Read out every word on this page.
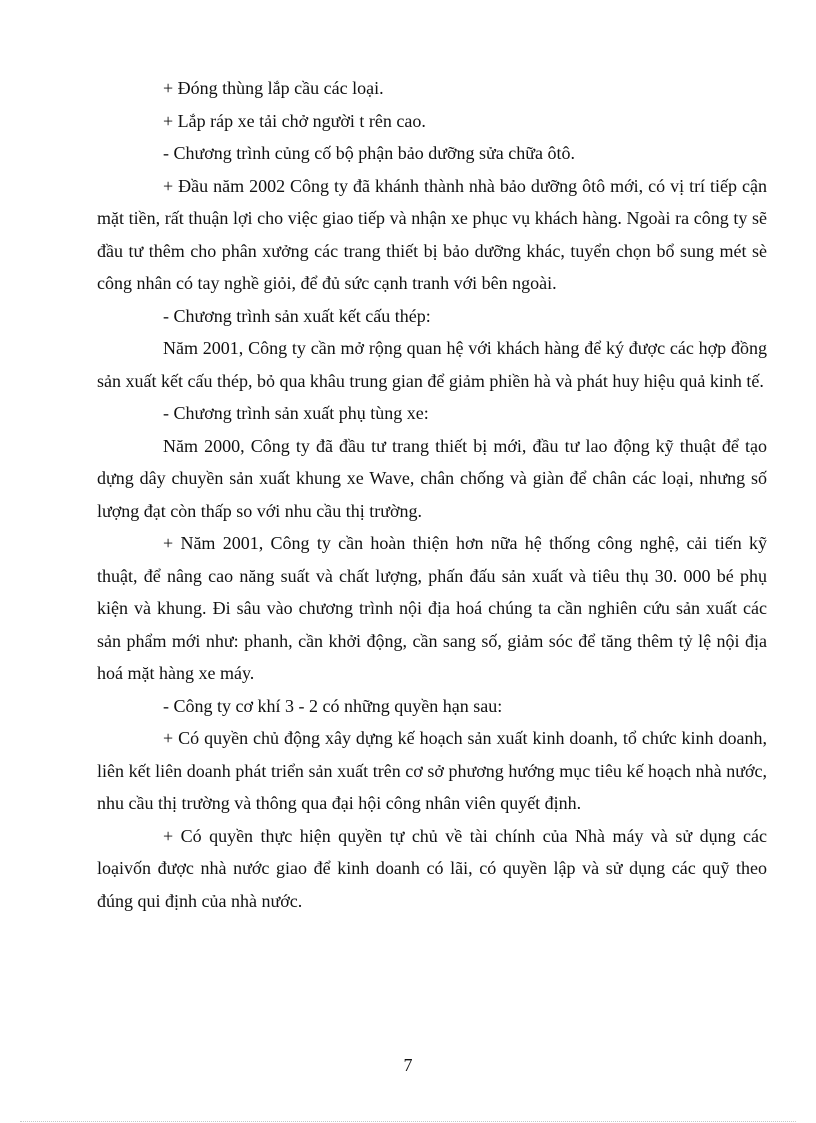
+ Đóng thùng lắp cầu các loại.

+ Lắp ráp xe tải chở người t rên cao.

- Chương trình củng cố bộ phận bảo dưỡng sửa chữa ôtô.

+ Đầu năm 2002 Công ty đã khánh thành nhà bảo dưỡng ôtô mới, có vị trí tiếp cận mặt tiền, rất thuận lợi cho việc giao tiếp và nhận xe phục vụ khách hàng. Ngoài ra công ty sẽ đầu tư thêm cho phân xưởng các trang thiết bị bảo dưỡng khác, tuyển chọn bổ sung mét sè công nhân có tay nghề giỏi, để đủ sức cạnh tranh với bên ngoài.

- Chương trình sản xuất kết cấu thép:

Năm 2001, Công ty cần mở rộng quan hệ với khách hàng để ký được các hợp đồng sản xuất kết cấu thép, bỏ qua khâu trung gian để giảm phiền hà và phát huy hiệu quả kinh tế.

- Chương trình sản xuất phụ tùng xe:

Năm 2000, Công ty đã đầu tư trang thiết bị mới, đầu tư lao động kỹ thuật để tạo dựng dây chuyền sản xuất khung xe Wave, chân chống và giàn để chân các loại, nhưng số lượng đạt còn thấp so với nhu cầu thị trường.

+ Năm 2001, Công ty cần hoàn thiện hơn nữa hệ thống công nghệ, cải tiến kỹ thuật, để nâng cao năng suất và chất lượng, phấn đấu sản xuất và tiêu thụ 30. 000 bé phụ kiện và khung. Đi sâu vào chương trình nội địa hoá chúng ta cần nghiên cứu sản xuất các sản phẩm mới như: phanh, cần khởi động, cần sang số, giảm sóc để tăng thêm tỷ lệ nội địa hoá mặt hàng xe máy.

- Công ty cơ khí 3 - 2 có những quyền hạn sau:

+ Có quyền chủ động xây dựng kế hoạch sản xuất kinh doanh, tổ chức kinh doanh, liên kết liên doanh phát triển sản xuất trên cơ sở phương hướng mục tiêu kế hoạch nhà nước, nhu cầu thị trường và thông qua đại hội công nhân viên quyết định.

+ Có quyền thực hiện quyền tự chủ về tài chính của Nhà máy và sử dụng các loạivốn được nhà nước giao để kinh doanh có lãi, có quyền lập và sử dụng các quỹ theo đúng qui định của nhà nước.

7
